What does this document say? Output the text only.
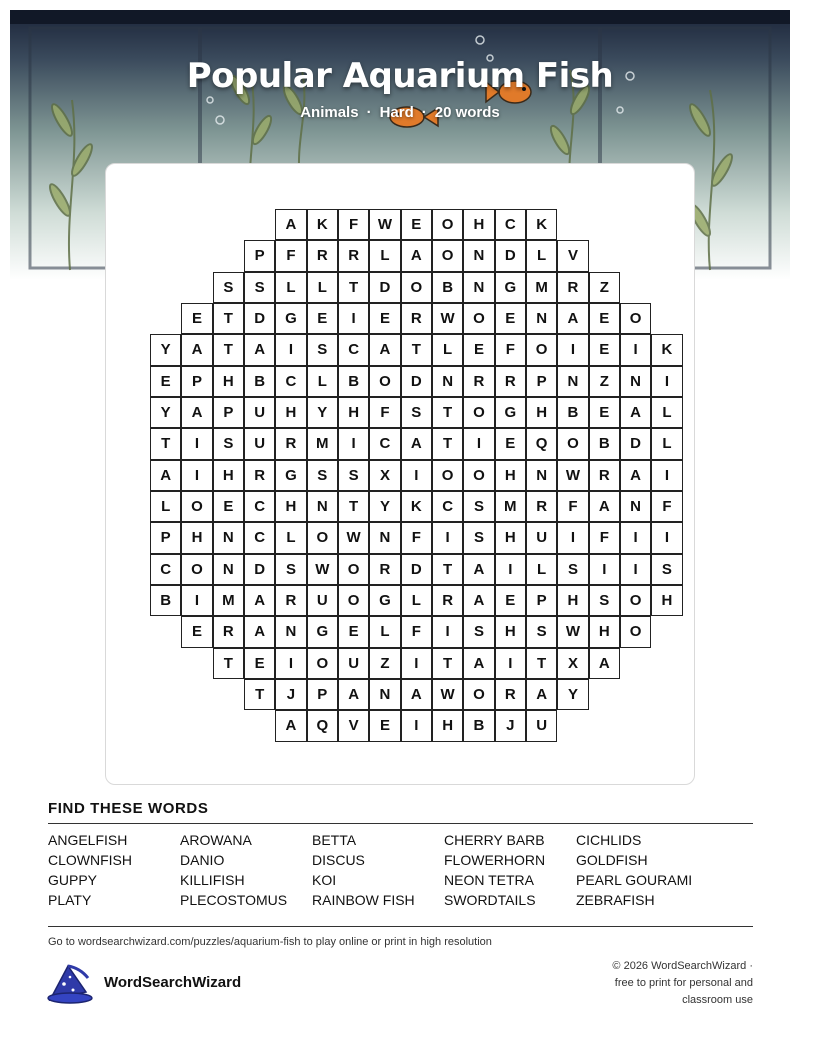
Popular Aquarium Fish
Animals · Hard · 20 words
A	K	F	W	E	O	H	C	K
P	F	R	R	L	A	O	N	D	L	V
S	S	L	L	T	D	O	B	N	G	M	R	Z
E	T	D	G	E	I	E	R	W	O	E	N	A	E	O
Y	A	T	A	I	S	C	A	T	L	E	F	O	I	E	I	K
E	P	H	B	C	L	B	O	D	N	R	R	P	N	Z	N	I
Y	A	P	U	H	Y	H	F	S	T	O	G	H	B	E	A	L
T	I	S	U	R	M	I	C	A	T	I	E	Q	O	B	D	L
A	I	H	R	G	S	S	X	I	O	O	H	N	W	R	A	I
L	O	E	C	H	N	T	Y	K	C	S	M	R	F	A	N	F
P	H	N	C	L	O	W	N	F	I	S	H	U	I	F	I	I
C	O	N	D	S	W	O	R	D	T	A	I	L	S	I	I	S
B	I	M	A	R	U	O	G	L	R	A	E	P	H	S	O	H
E	R	A	N	G	E	L	F	I	S	H	S	W	H	O
T	E	I	O	U	Z	I	T	A	I	T	X	A
T	J	P	A	N	A	W	O	R	A	Y
A	Q	V	E	I	H	B	J	U
FIND THESE WORDS
ANGELFISH	AROWANA	BETTA	CHERRY BARB	CICHLIDS
CLOWNFISH	DANIO	DISCUS	FLOWERHORN	GOLDFISH
GUPPY	KILLIFISH	KOI	NEON TETRA	PEARL GOURAMI
PLATY	PLECOSTOMUS	RAINBOW FISH	SWORDTAILS	ZEBRAFISH
Go to wordsearchwizard.com/puzzles/aquarium-fish to play online or print in high resolution
WordSearchWizard
© 2026 WordSearchWizard ·
free to print for personal and
classroom use
